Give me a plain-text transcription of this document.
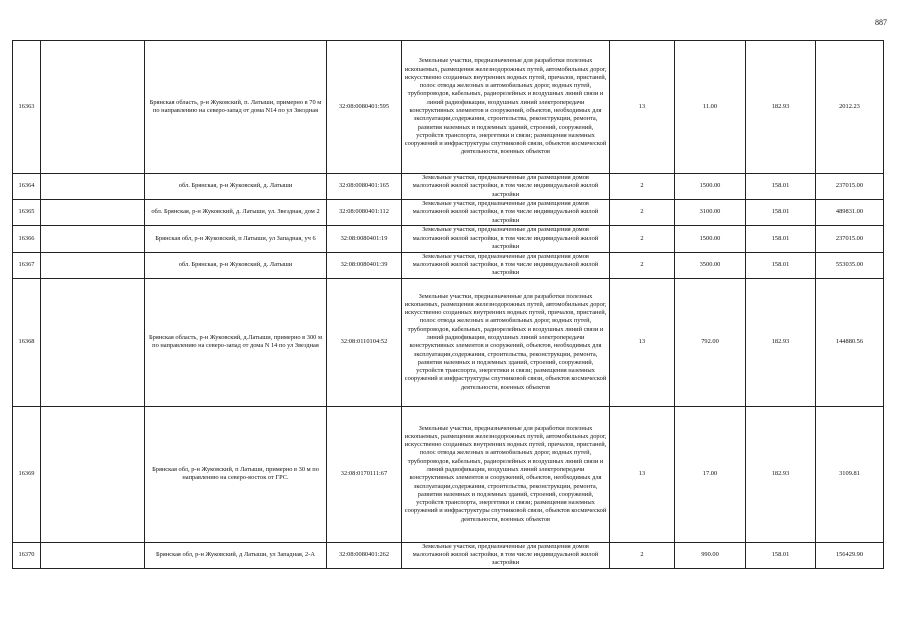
887
16363		Брянская область, р-н Жуковский, п. Латыши, примерно в 70 м по направлению на северо-запад от дома N14 по ул Звездная	32:08:0080401:595	Земельные участки, предназначенные для разработки полезных ископаемых, размещения железнодорожных путей, автомобильных дорог, искусственно созданных внутренних водных путей, причалов, пристаней, полос отвода железных и автомобильных дорог, водных путей, трубопроводов, кабельных, радиорелейных и воздушных линий связи и линий радиофикации, воздушных линий электропередачи конструктивных элементов и сооружений, объектов, необходимых для эксплуатации,содержания, строительства, реконструкции, ремонта, развития наземных и подземных зданий, строений, сооружений, устройств транспорта, энергетики и связи; размещения наземных сооружений и инфраструктуры спутниковой связи, объектов космической деятельности, военных объектов	13	11.00	182.93	2012.23
16364		обл. Брянская, р-н Жуковский, д. Латыши	32:08:0080401:165	Земельные участки, предназначенные для размещения домов малоэтажной жилой застройки, в том числе индивидуальной жилой застройки	2	1500.00	158.01	237015.00
16365		обл. Брянская, р-н Жуковский, д. Латыши, ул. Звездная, дом 2	32:08:0080401:112	Земельные участки, предназначенные для размещения домов малоэтажной жилой застройки, в том числе индивидуальной жилой застройки	2	3100.00	158.01	489831.00
16366		Брянская обл, р-н Жуковский, п Латыши, ул Западная, уч 6	32:08:0080401:19	Земельные участки, предназначенные для размещения домов малоэтажной жилой застройки, в том числе индивидуальной жилой застройки	2	1500.00	158.01	237015.00
16367		обл. Брянская, р-н Жуковский, д. Латыши	32:08:0080401:39	Земельные участки, предназначенные для размещения домов малоэтажной жилой застройки, в том числе индивидуальной жилой застройки	2	3500.00	158.01	553035.00
16368		Брянская область, р-н Жуковский, д.Латыши, примерно в 300 м по направлению на северо-запад от дома N 14 по ул Звездная	32:08:0110104:52	Земельные участки, предназначенные для разработки полезных ископаемых, размещения железнодорожных путей, автомобильных дорог, искусственно созданных внутренних водных путей, причалов, пристаней, полос отвода железных и автомобильных дорог, водных путей, трубопроводов, кабельных, радиорелейных и воздушных линий связи и линий радиофикации, воздушных линий электропередачи конструктивных элементов и сооружений, объектов, необходимых для эксплуатации,содержания, строительства, реконструкции, ремонта, развития наземных и подземных зданий, строений, сооружений, устройств транспорта, энергетики и связи; размещения наземных сооружений и инфраструктуры спутниковой связи, объектов космической деятельности, военных объектов	13	792.00	182.93	144880.56
16369		Брянская обл, р-н Жуковский, п Латыши, примерно в 30 м по направлению на северо-восток от ГРС.	32:08:0170111:67	Земельные участки, предназначенные для разработки полезных ископаемых, размещения железнодорожных путей, автомобильных дорог, искусственно созданных внутренних водных путей, причалов, пристаней, полос отвода железных и автомобильных дорог, водных путей, трубопроводов, кабельных, радиорелейных и воздушных линий связи и линий радиофикации, воздушных линий электропередачи конструктивных элементов и сооружений, объектов, необходимых для эксплуатации,содержания, строительства, реконструкции, ремонта, развития наземных и подземных зданий, строений, сооружений, устройств транспорта, энергетики и связи; размещения наземных сооружений и инфраструктуры спутниковой связи, объектов космической деятельности, военных объектов	13	17.00	182.93	3109.81
16370		Брянская обл, р-н Жуковский, д Латыши, ул Западная, 2-А	32:08:0080401:262	Земельные участки, предназначенные для размещения домов малоэтажной жилой застройки, в том числе индивидуальной жилой застройки	2	990.00	158.01	156429.90
